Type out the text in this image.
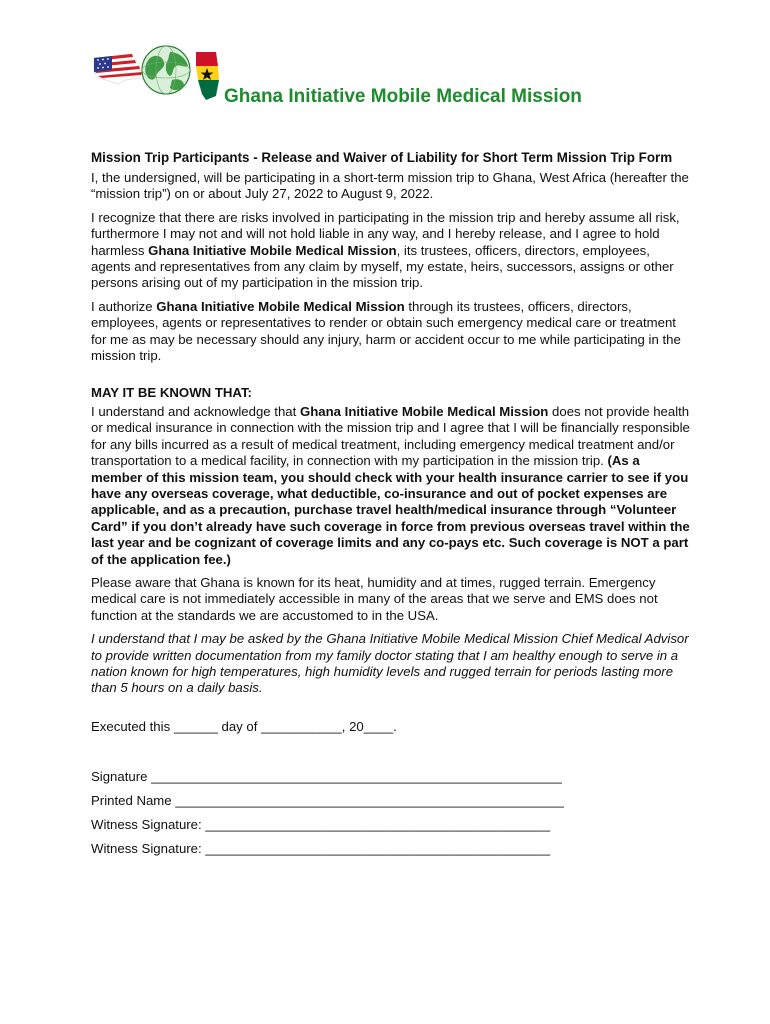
Ghana Initiative Mobile Medical Mission
Mission Trip Participants - Release and Waiver of Liability for Short Term Mission Trip Form

I, the undersigned, will be participating in a short-term mission trip to Ghana, West Africa (hereafter the “mission trip”) on or about July 27, 2022 to August 9, 2022.

I recognize that there are risks involved in participating in the mission trip and hereby assume all risk, furthermore I may not and will not hold liable in any way, and I hereby release, and I agree to hold harmless Ghana Initiative Mobile Medical Mission, its trustees, officers, directors, employees, agents and representatives from any claim by myself, my estate, heirs, successors, assigns or other persons arising out of my participation in the mission trip.

I authorize Ghana Initiative Mobile Medical Mission through its trustees, officers, directors, employees, agents or representatives to render or obtain such emergency medical care or treatment for me as may be necessary should any injury, harm or accident occur to me while participating in the mission trip.

MAY IT BE KNOWN THAT:

I understand and acknowledge that Ghana Initiative Mobile Medical Mission does not provide health or medical insurance in connection with the mission trip and I agree that I will be financially responsible for any bills incurred as a result of medical treatment, including emergency medical treatment and/or transportation to a medical facility, in connection with my participation in the mission trip. (As a member of this mission team, you should check with your health insurance carrier to see if you have any overseas coverage, what deductible, co-insurance and out of pocket expenses are applicable, and as a precaution, purchase travel health/medical insurance through “Volunteer Card” if you don’t already have such coverage in force from previous overseas travel within the last year and be cognizant of coverage limits and any co-pays etc. Such coverage is NOT a part of the application fee.)

Please aware that Ghana is known for its heat, humidity and at times, rugged terrain. Emergency medical care is not immediately accessible in many of the areas that we serve and EMS does not function at the standards we are accustomed to in the USA.

I understand that I may be asked by the Ghana Initiative Mobile Medical Mission Chief Medical Advisor to provide written documentation from my family doctor stating that I am healthy enough to serve in a nation known for high temperatures, high humidity levels and rugged terrain for periods lasting more than 5 hours on a daily basis.

Executed this ______ day of ___________, 20____.
Signature ________________________________________________________
Printed Name _____________________________________________________
Witness Signature: _______________________________________________
Witness Signature: _______________________________________________
